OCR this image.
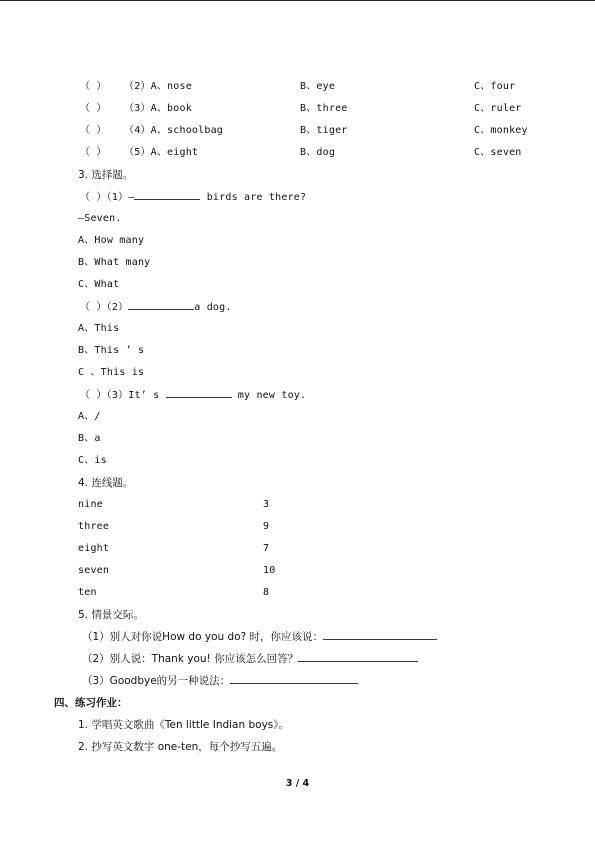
（ ） （2）A、nose	B、eye	C、four
（ ） （3）A、book	B、three	C、ruler
（ ） （4）A、schoolbag	B、tiger	C、monkey
（ ） （5）A、eight	B、dog	C、seven
3. 选择题。
（ ）（1）—	birds are there?
—Seven.
A、How many
B、What many
C、What
（ ）（2）	a dog.
A、This
B、This ’ s
C 、This is
（ ）（3）It’ s	my new toy.
A、/
B、a
C、is
4. 连线题。
nine	3
three	9
eight	7
seven	10
ten	8
5. 情景交际。
（1）别人对你说How do you do? 时，你应该说：
（2）别人说：Thank you! 你应该怎么回答？
（3）Goodbye的另一种说法：
四、练习作业：
1. 学唱英文歌曲《Ten little Indian boys》。
2. 抄写英文数字 one-ten，每个抄写五遍。
3 / 4
